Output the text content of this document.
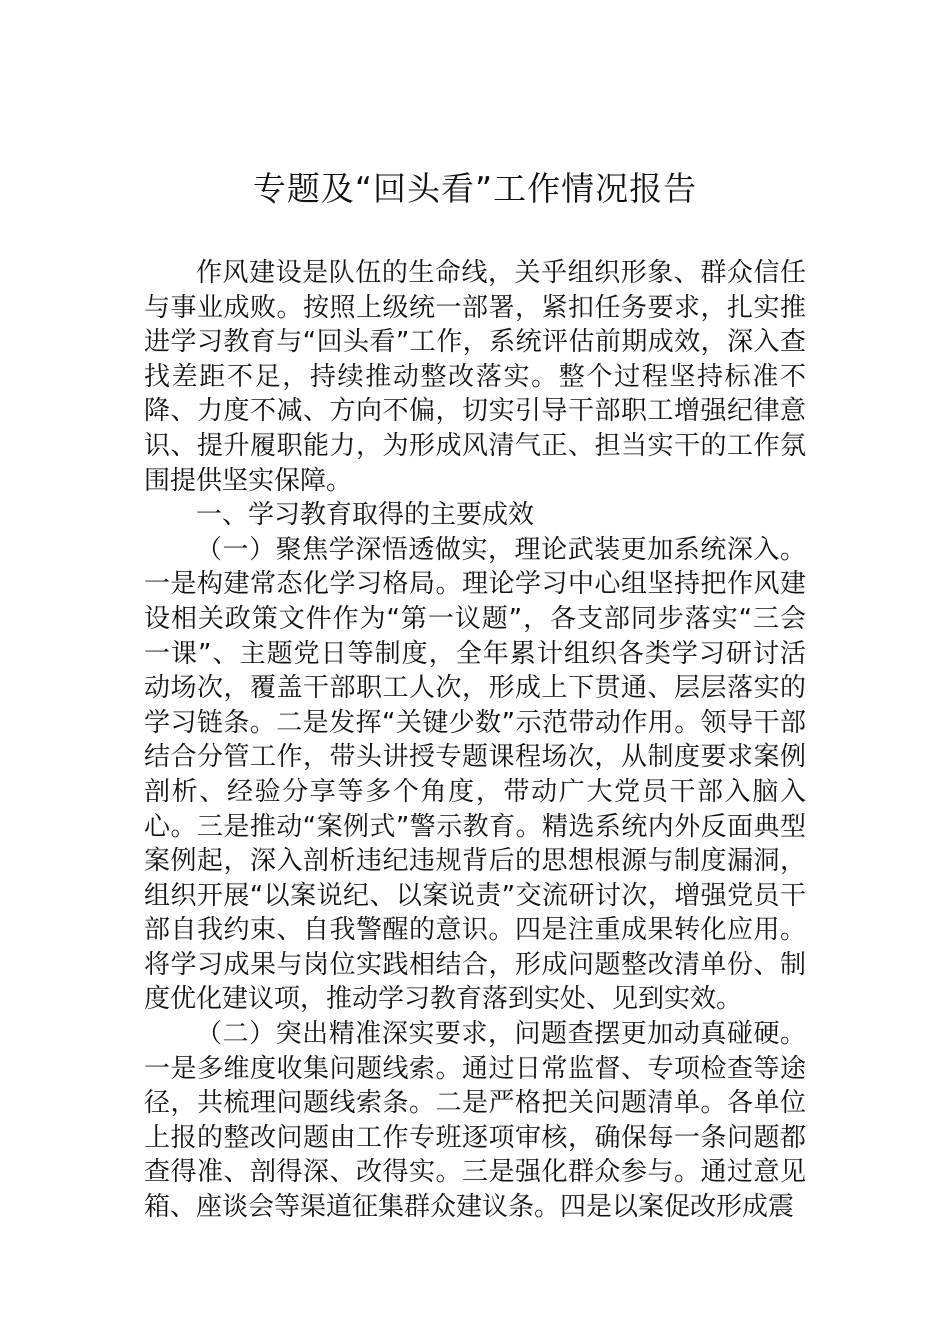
专题及“回头看”工作情况报告

作风建设是队伍的生命线，关乎组织形象、群众信任与事业成败。按照上级统一部署，紧扣任务要求，扎实推进学习教育与“回头看”工作，系统评估前期成效，深入查找差距不足，持续推动整改落实。整个过程坚持标准不降、力度不减、方向不偏，切实引导干部职工增强纪律意识、提升履职能力，为形成风清气正、担当实干的工作氛围提供坚实保障。

一、学习教育取得的主要成效

（一）聚焦学深悟透做实，理论武装更加系统深入。一是构建常态化学习格局。理论学习中心组坚持把作风建设相关政策文件作为“第一议题”，各支部同步落实“三会一课”、主题党日等制度，全年累计组织各类学习研讨活动场次，覆盖干部职工人次，形成上下贯通、层层落实的学习链条。二是发挥“关键少数”示范带动作用。领导干部结合分管工作，带头讲授专题课程场次，从制度要求案例剖析、经验分享等多个角度，带动广大党员干部入脑入心。三是推动“案例式”警示教育。精选系统内外反面典型案例起，深入剖析违纪违规背后的思想根源与制度漏洞，组织开展“以案说纪、以案说责”交流研讨次，增强党员干部自我约束、自我警醒的意识。四是注重成果转化应用。将学习成果与岗位实践相结合，形成问题整改清单份、制度优化建议项，推动学习教育落到实处、见到实效。

（二）突出精准深实要求，问题查摆更加动真碰硬。一是多维度收集问题线索。通过日常监督、专项检查等途径，共梳理问题线索条。二是严格把关问题清单。各单位上报的整改问题由工作专班逐项审核，确保每一条问题都查得准、剖得深、改得实。三是强化群众参与。通过意见箱、座谈会等渠道征集群众建议条。四是以案促改形成震
